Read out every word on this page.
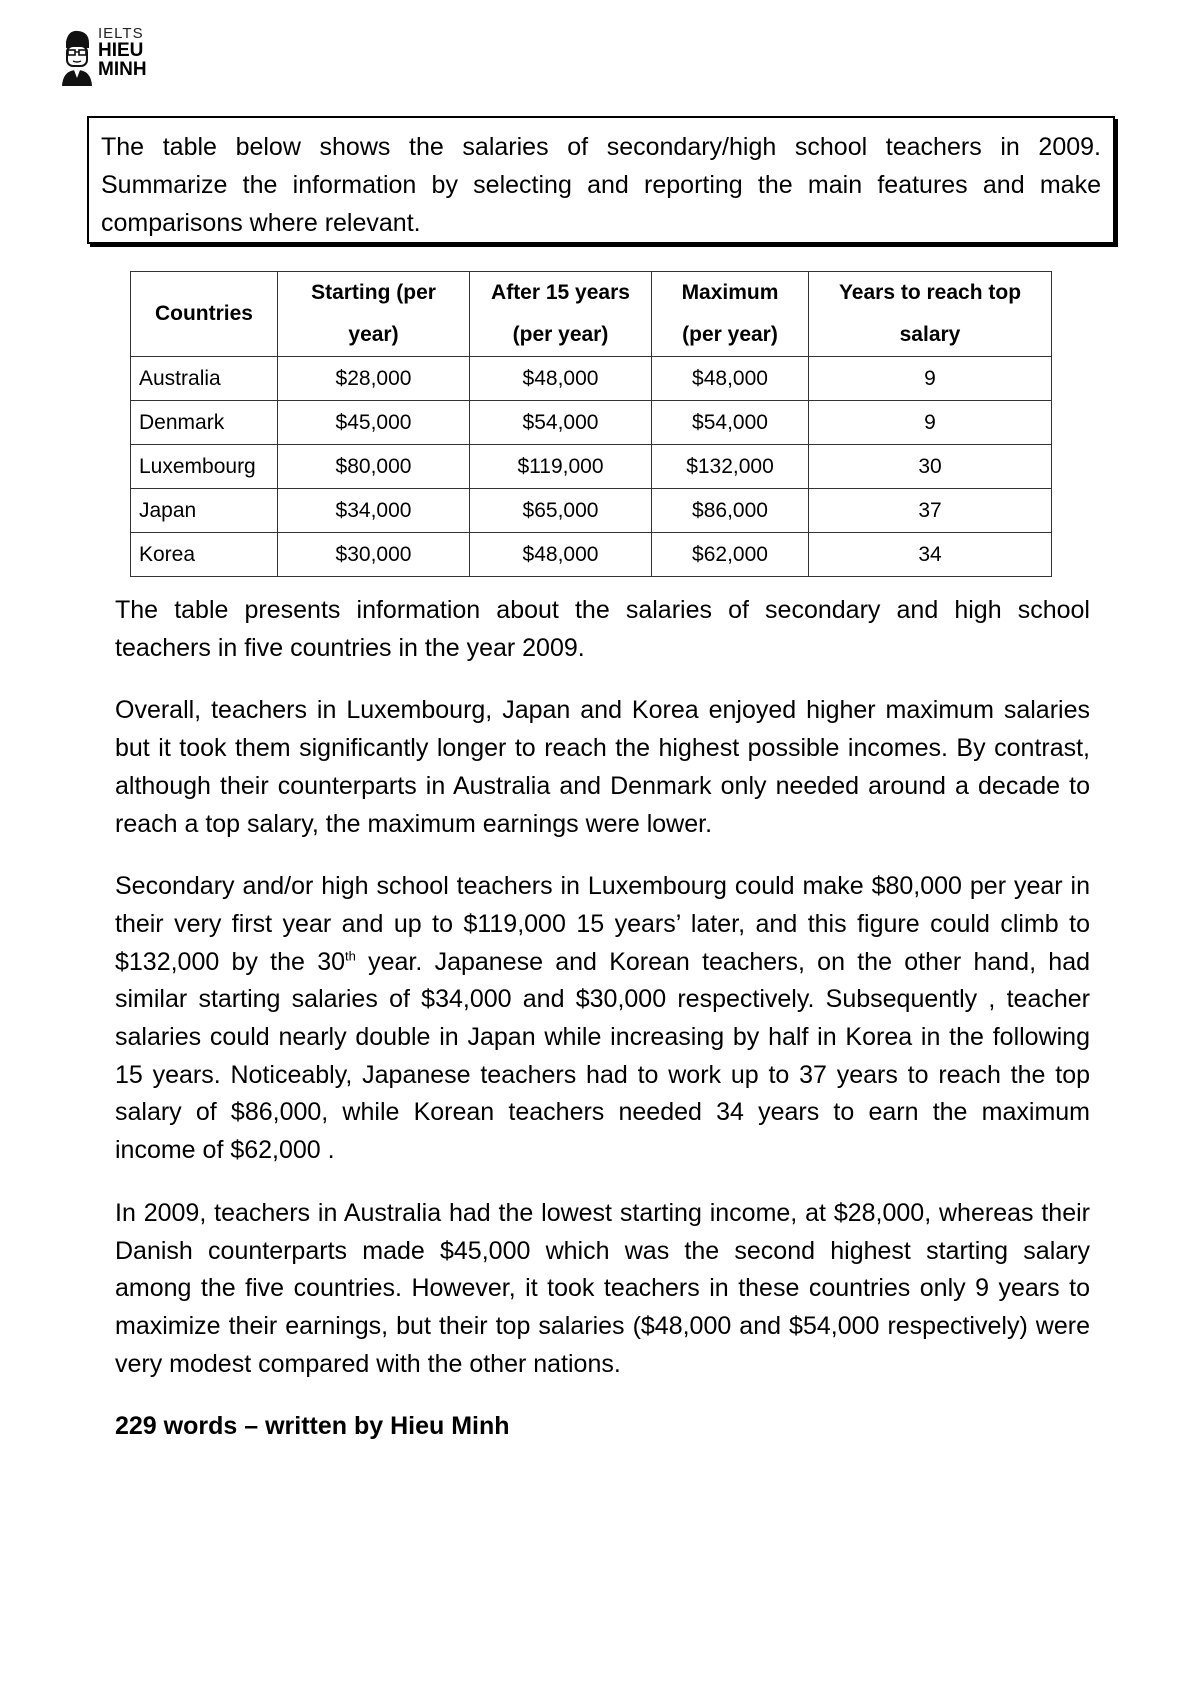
IELTS
HIEU
MINH

The table below shows the salaries of secondary/high school teachers in 2009. Summarize the information by selecting and reporting the main features and make comparisons where relevant.

Countries	Starting (per year)	After 15 years (per year)	Maximum (per year)	Years to reach top salary
Australia	$28,000	$48,000	$48,000	9
Denmark	$45,000	$54,000	$54,000	9
Luxembourg	$80,000	$119,000	$132,000	30
Japan	$34,000	$65,000	$86,000	37
Korea	$30,000	$48,000	$62,000	34

The table presents information about the salaries of secondary and high school teachers in five countries in the year 2009.

Overall, teachers in Luxembourg, Japan and Korea enjoyed higher maximum salaries but it took them significantly longer to reach the highest possible incomes. By contrast, although their counterparts in Australia and Denmark only needed around a decade to reach a top salary, the maximum earnings were lower.

Secondary and/or high school teachers in Luxembourg could make $80,000 per year in their very first year and up to $119,000 15 years’ later, and this figure could climb to $132,000 by the 30th year. Japanese and Korean teachers, on the other hand, had similar starting salaries of $34,000 and $30,000 respectively. Subsequently , teacher salaries could nearly double in Japan while increasing by half in Korea in the following 15 years. Noticeably, Japanese teachers had to work up to 37 years to reach the top salary of $86,000, while Korean teachers needed 34 years to earn the maximum income of $62,000 .

In 2009, teachers in Australia had the lowest starting income, at $28,000, whereas their Danish counterparts made $45,000 which was the second highest starting salary among the five countries. However, it took teachers in these countries only 9 years to maximize their earnings, but their top salaries ($48,000 and $54,000 respectively) were very modest compared with the other nations.

229 words – written by Hieu Minh
